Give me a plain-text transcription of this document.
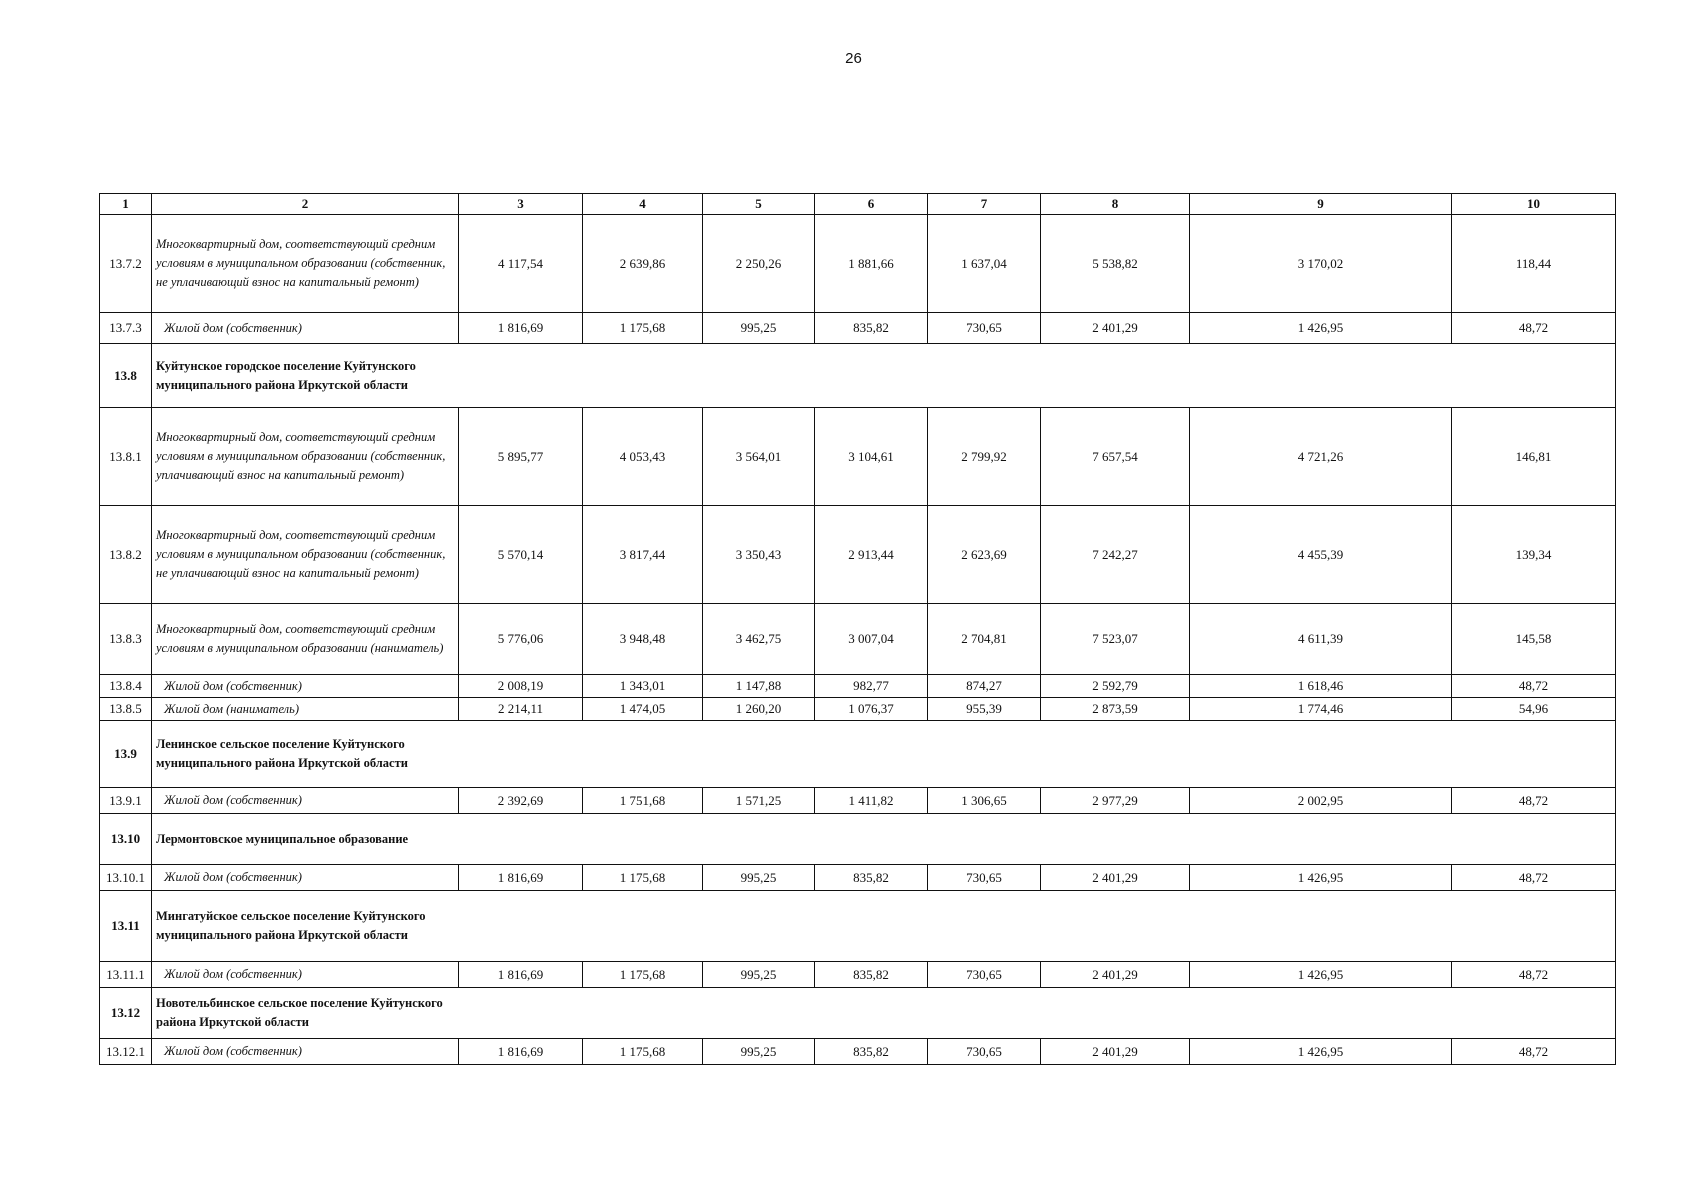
26
1	2	3	4	5	6	7	8	9	10
13.7.2	Многоквартирный дом, соответствующий средним условиям в муниципальном образовании (собственник, не уплачивающий взнос на капитальный ремонт)	4 117,54	2 639,86	2 250,26	1 881,66	1 637,04	5 538,82	3 170,02	118,44
13.7.3	Жилой дом (собственник)	1 816,69	1 175,68	995,25	835,82	730,65	2 401,29	1 426,95	48,72
13.8	Куйтунское городское поселение Куйтунского муниципального района Иркутской области								
13.8.1	Многоквартирный дом, соответствующий средним условиям в муниципальном образовании (собственник, уплачивающий взнос на капитальный ремонт)	5 895,77	4 053,43	3 564,01	3 104,61	2 799,92	7 657,54	4 721,26	146,81
13.8.2	Многоквартирный дом, соответствующий средним условиям в муниципальном образовании (собственник, не уплачивающий взнос на капитальный ремонт)	5 570,14	3 817,44	3 350,43	2 913,44	2 623,69	7 242,27	4 455,39	139,34
13.8.3	Многоквартирный дом, соответствующий средним условиям в муниципальном образовании (наниматель)	5 776,06	3 948,48	3 462,75	3 007,04	2 704,81	7 523,07	4 611,39	145,58
13.8.4	Жилой дом (собственник)	2 008,19	1 343,01	1 147,88	982,77	874,27	2 592,79	1 618,46	48,72
13.8.5	Жилой дом (наниматель)	2 214,11	1 474,05	1 260,20	1 076,37	955,39	2 873,59	1 774,46	54,96
13.9	Ленинское сельское поселение Куйтунского муниципального района Иркутской области								
13.9.1	Жилой дом (собственник)	2 392,69	1 751,68	1 571,25	1 411,82	1 306,65	2 977,29	2 002,95	48,72
13.10	Лермонтовское муниципальное образование								
13.10.1	Жилой дом (собственник)	1 816,69	1 175,68	995,25	835,82	730,65	2 401,29	1 426,95	48,72
13.11	Мингатуйское сельское поселение Куйтунского муниципального района Иркутской области								
13.11.1	Жилой дом (собственник)	1 816,69	1 175,68	995,25	835,82	730,65	2 401,29	1 426,95	48,72
13.12	Новотельбинское сельское поселение Куйтунского района Иркутской области								
13.12.1	Жилой дом (собственник)	1 816,69	1 175,68	995,25	835,82	730,65	2 401,29	1 426,95	48,72
